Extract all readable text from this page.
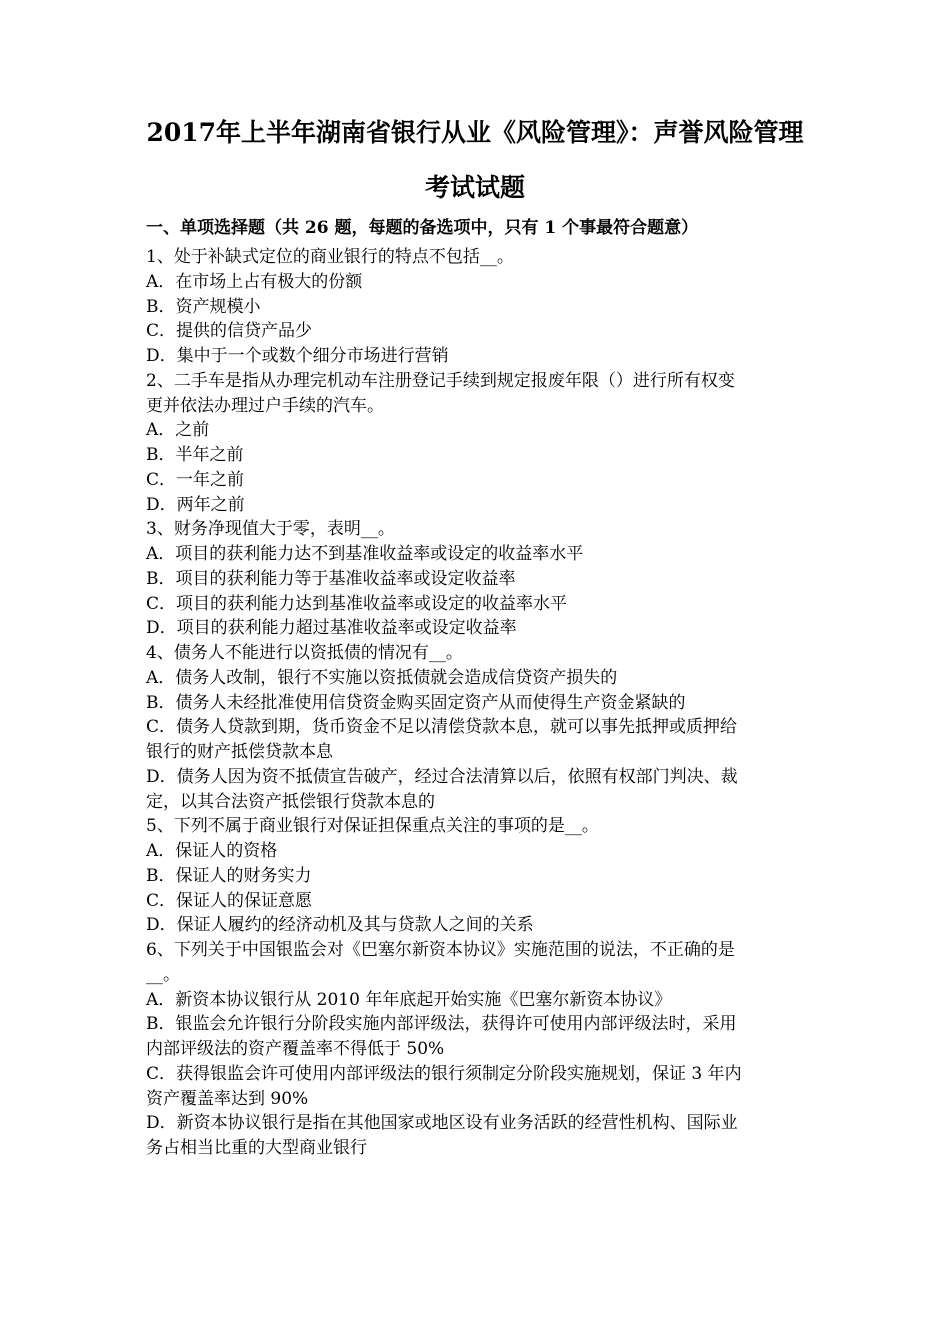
2017年上半年湖南省银行从业《风险管理》：声誉风险管理
考试试题
一、单项选择题（共 26 题，每题的备选项中，只有 1 个事最符合题意）
1、处于补缺式定位的商业银行的特点不包括__。
A．在市场上占有极大的份额
B．资产规模小
C．提供的信贷产品少
D．集中于一个或数个细分市场进行营销
2、二手车是指从办理完机动车注册登记手续到规定报废年限（）进行所有权变
更并依法办理过户手续的汽车。
A．之前
B．半年之前
C．一年之前
D．两年之前
3、财务净现值大于零，表明__。
A．项目的获利能力达不到基准收益率或设定的收益率水平
B．项目的获利能力等于基准收益率或设定收益率
C．项目的获利能力达到基准收益率或设定的收益率水平
D．项目的获利能力超过基准收益率或设定收益率
4、债务人不能进行以资抵债的情况有__。
A．债务人改制，银行不实施以资抵债就会造成信贷资产损失的
B．债务人未经批准使用信贷资金购买固定资产从而使得生产资金紧缺的
C．债务人贷款到期，货币资金不足以清偿贷款本息，就可以事先抵押或质押给
银行的财产抵偿贷款本息
D．债务人因为资不抵债宣告破产，经过合法清算以后，依照有权部门判决、裁
定，以其合法资产抵偿银行贷款本息的
5、下列不属于商业银行对保证担保重点关注的事项的是__。
A．保证人的资格
B．保证人的财务实力
C．保证人的保证意愿
D．保证人履约的经济动机及其与贷款人之间的关系
6、下列关于中国银监会对《巴塞尔新资本协议》实施范围的说法，不正确的是
__。
A．新资本协议银行从 2010 年年底起开始实施《巴塞尔新资本协议》
B．银监会允许银行分阶段实施内部评级法，获得许可使用内部评级法时，采用
内部评级法的资产覆盖率不得低于 50%
C．获得银监会许可使用内部评级法的银行须制定分阶段实施规划，保证 3 年内
资产覆盖率达到 90%
D．新资本协议银行是指在其他国家或地区设有业务活跃的经营性机构、国际业
务占相当比重的大型商业银行
